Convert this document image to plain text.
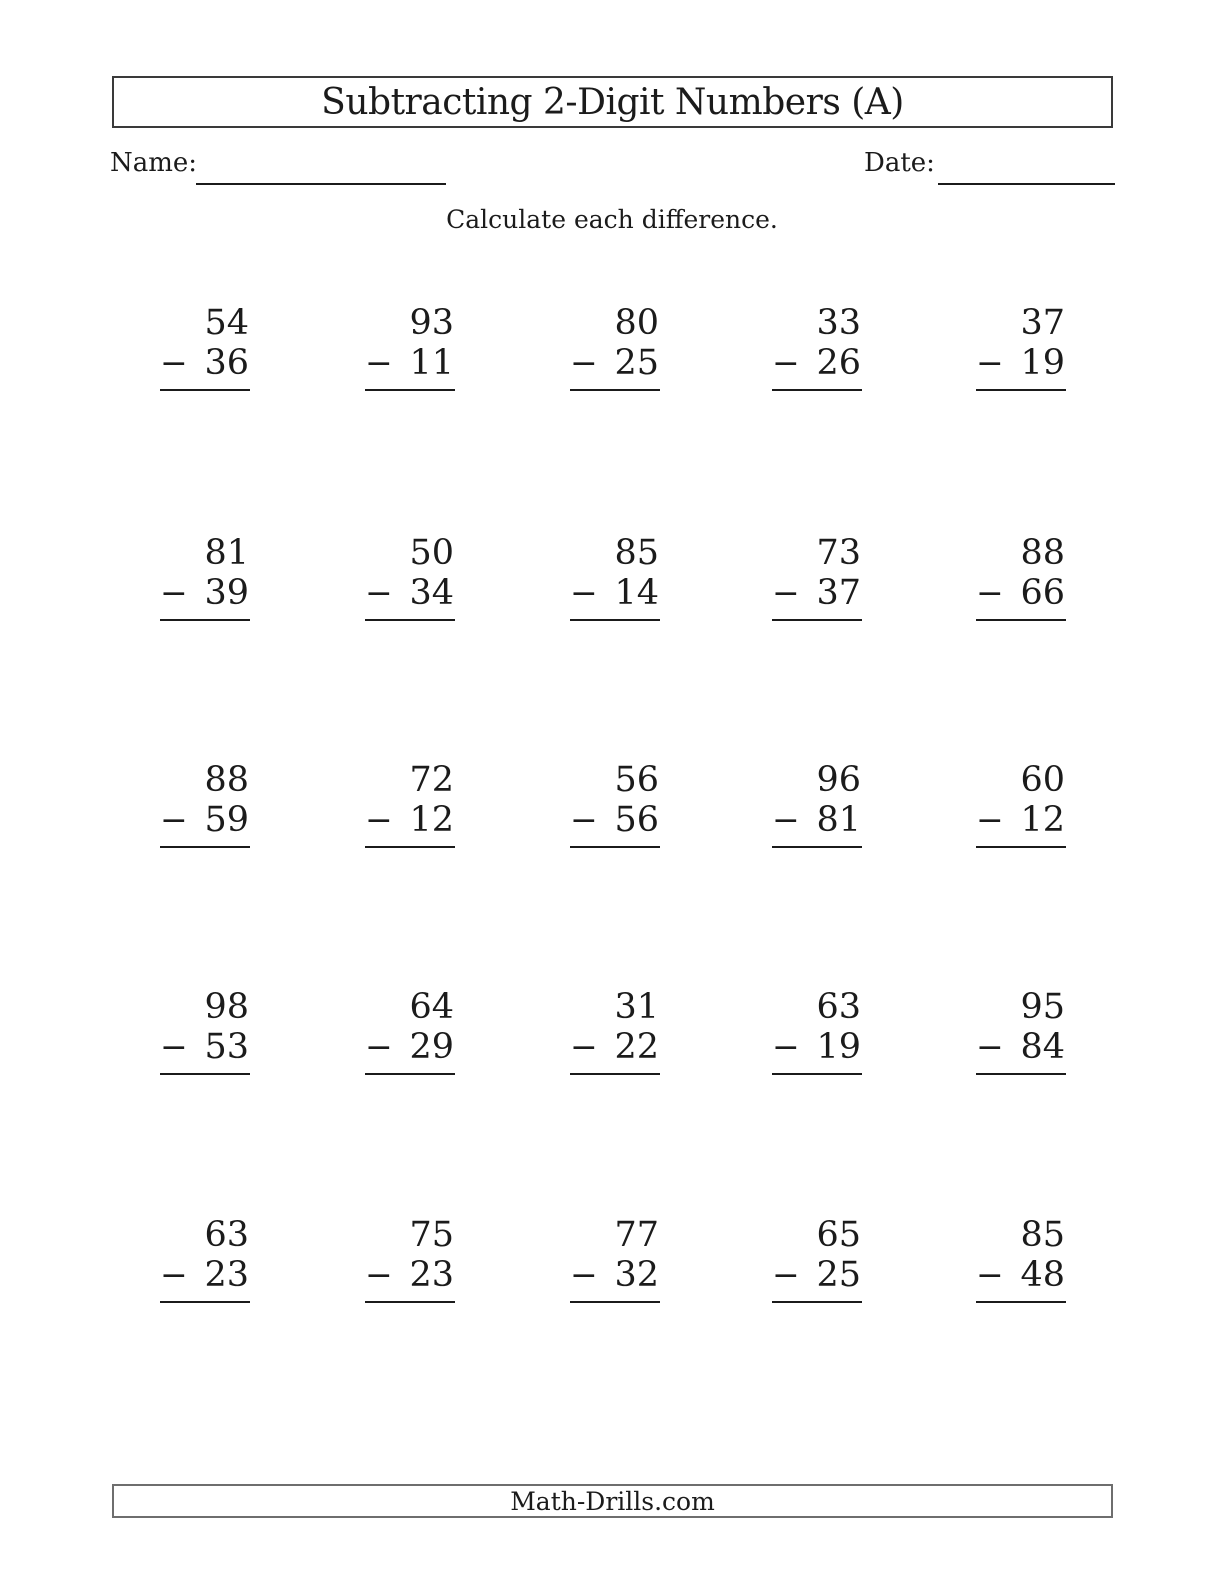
Subtracting 2-Digit Numbers (A)
Name:	Date:
Calculate each difference.
54
− 36
93
− 11
80
− 25
33
− 26
37
− 19
81
− 39
50
− 34
85
− 14
73
− 37
88
− 66
88
− 59
72
− 12
56
− 56
96
− 81
60
− 12
98
− 53
64
− 29
31
− 22
63
− 19
95
− 84
63
− 23
75
− 23
77
− 32
65
− 25
85
− 48
Math-Drills.com
